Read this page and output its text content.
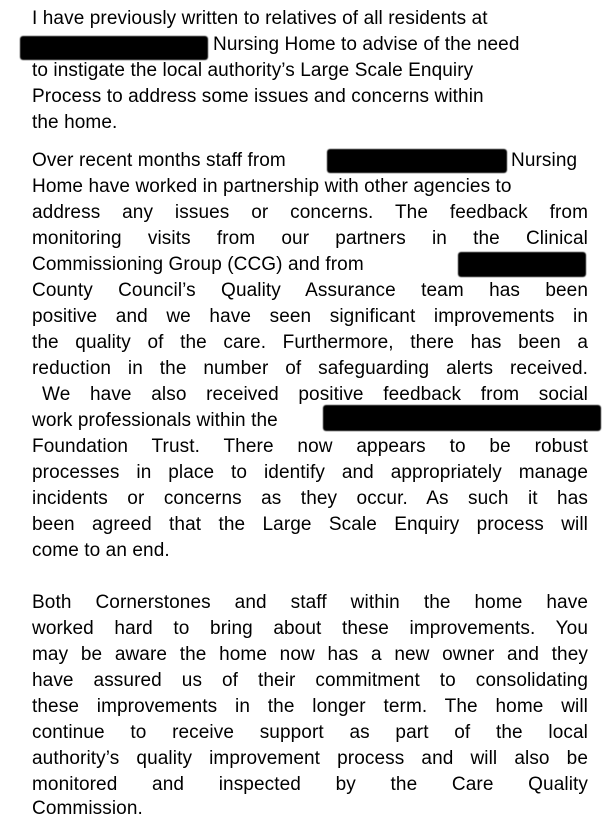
I have previously written to relatives of all residents at
Nursing Home to advise of the need
to instigate the local authority’s Large Scale Enquiry
Process to address some issues and concerns within
the home.
Over recent months staff from	Nursing
Home have worked in partnership with other agencies to
address any issues or concerns. The feedback from
monitoring visits from our partners in the Clinical
Commissioning Group (CCG) and from
County Council’s Quality Assurance team has been
positive and we have seen significant improvements in
the quality of the care. Furthermore, there has been a
reduction in the number of safeguarding alerts received.
We have also received positive feedback from social
work professionals within the
Foundation Trust. There now appears to be robust
processes in place to identify and appropriately manage
incidents or concerns as they occur. As such it has
been agreed that the Large Scale Enquiry process will
come to an end.
Both Cornerstones and staff within the home have
worked hard to bring about these improvements. You
may be aware the home now has a new owner and they
have assured us of their commitment to consolidating
these improvements in the longer term. The home will
continue to receive support as part of the local
authority’s quality improvement process and will also be
monitored and inspected by the Care Quality
Commission.
